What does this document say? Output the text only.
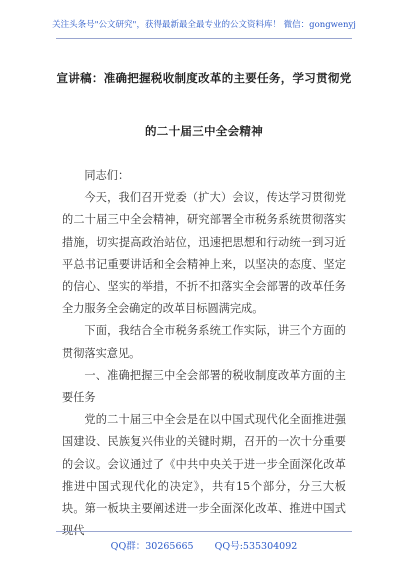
关注头条号"公文研究"，获得最新最全最专业的公文资料库！ 微信：gongwenyj
宣讲稿：准确把握税收制度改革的主要任务，学习贯彻党
的二十届三中全会精神

同志们：

今天，我们召开党委（扩大）会议，传达学习贯彻党的二十届三中全会精神，研究部署全市税务系统贯彻落实措施，切实提高政治站位，迅速把思想和行动统一到习近平总书记重要讲话和全会精神上来，以坚决的态度、坚定的信心、坚实的举措，不折不扣落实全会部署的改革任务全力服务全会确定的改革目标圆满完成。

下面，我结合全市税务系统工作实际，讲三个方面的贯彻落实意见。

一、准确把握三中全会部署的税收制度改革方面的主要任务

党的二十届三中全会是在以中国式现代化全面推进强国建设、民族复兴伟业的关键时期，召开的一次十分重要的会议。会议通过了《中共中央关于进一步全面深化改革推进中国式现代化的决定》，共有15个部分，分三大板块。第一板块主要阐述进一步全面深化改革、推进中国式现代

QQ群：30265665 QQ号:535304092
